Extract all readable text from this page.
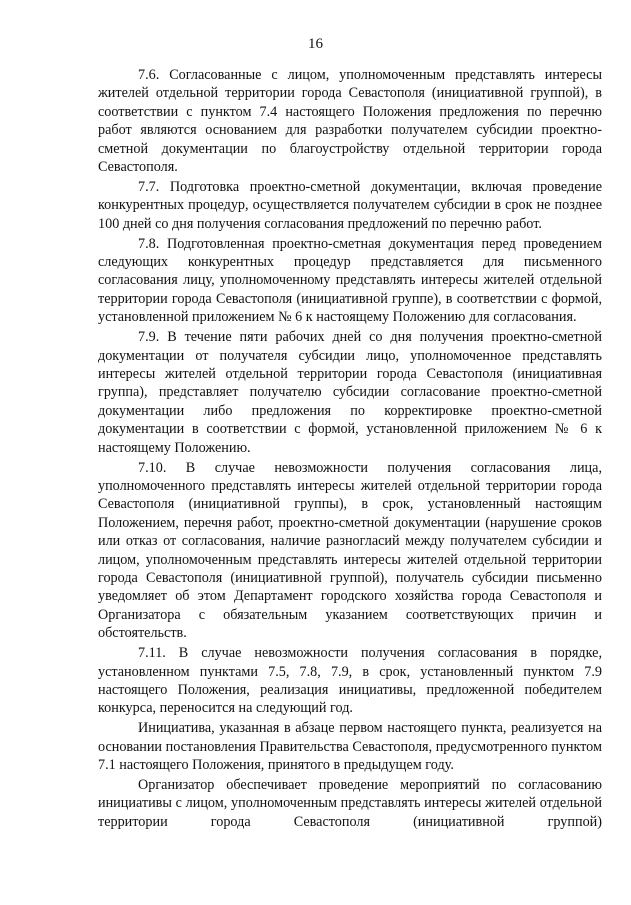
16

7.6. Согласованные с лицом, уполномоченным представлять интересы жителей отдельной территории города Севастополя (инициативной группой), в соответствии с пунктом 7.4 настоящего Положения предложения по перечню работ являются основанием для разработки получателем субсидии проектно-сметной документации по благоустройству отдельной территории города Севастополя.

7.7. Подготовка проектно-сметной документации, включая проведение конкурентных процедур, осуществляется получателем субсидии в срок не позднее 100 дней со дня получения согласования предложений по перечню работ.

7.8. Подготовленная проектно-сметная документация перед проведением следующих конкурентных процедур представляется для письменного согласования лицу, уполномоченному представлять интересы жителей отдельной территории города Севастополя (инициативной группе), в соответствии с формой, установленной приложением № 6 к настоящему Положению для согласования.

7.9. В течение пяти рабочих дней со дня получения проектно-сметной документации от получателя субсидии лицо, уполномоченное представлять интересы жителей отдельной территории города Севастополя (инициативная группа), представляет получателю субсидии согласование проектно-сметной документации либо предложения по корректировке проектно-сметной документации в соответствии с формой, установленной приложением № 6 к настоящему Положению.

7.10. В случае невозможности получения согласования лица, уполномоченного представлять интересы жителей отдельной территории города Севастополя (инициативной группы), в срок, установленный настоящим Положением, перечня работ, проектно-сметной документации (нарушение сроков или отказ от согласования, наличие разногласий между получателем субсидии и лицом, уполномоченным представлять интересы жителей отдельной территории города Севастополя (инициативной группой), получатель субсидии письменно уведомляет об этом Департамент городского хозяйства города Севастополя и Организатора с обязательным указанием соответствующих причин и обстоятельств.

7.11. В случае невозможности получения согласования в порядке, установленном пунктами 7.5, 7.8, 7.9, в срок, установленный пунктом 7.9 настоящего Положения, реализация инициативы, предложенной победителем конкурса, переносится на следующий год.

Инициатива, указанная в абзаце первом настоящего пункта, реализуется на основании постановления Правительства Севастополя, предусмотренного пунктом 7.1 настоящего Положения, принятого в предыдущем году.

Организатор обеспечивает проведение мероприятий по согласованию инициативы с лицом, уполномоченным представлять интересы жителей отдельной территории города Севастополя (инициативной группой)
